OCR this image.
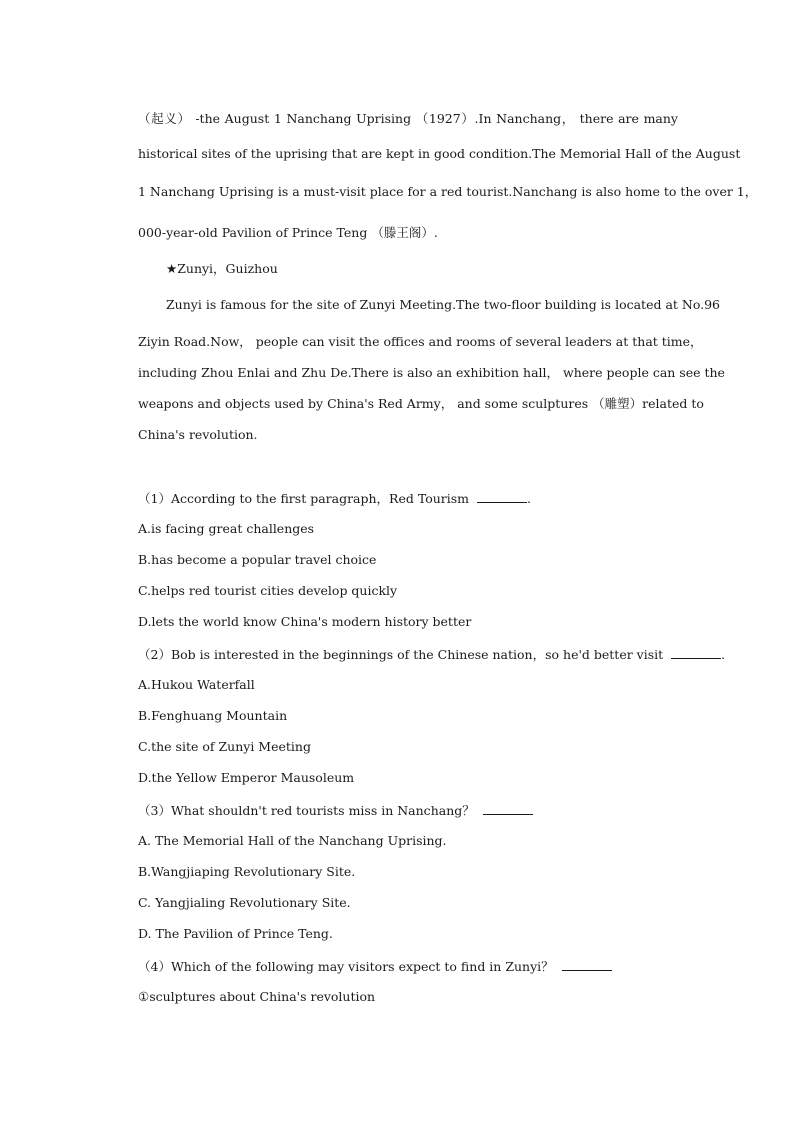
（起义） -the August 1 Nanchang Uprising （1927）.In Nanchang， there are many
historical sites of the uprising that are kept in good condition.The Memorial Hall of the August
1 Nanchang Uprising is a must-visit place for a red tourist.Nanchang is also home to the over 1，
000-year-old Pavilion of Prince Teng （滕王阁）.
★Zunyi，Guizhou
Zunyi is famous for the site of Zunyi Meeting.The two-floor building is located at No.96
Ziyin Road.Now， people can visit the offices and rooms of several leaders at that time，
including Zhou Enlai and Zhu De.There is also an exhibition hall， where people can see the
weapons and objects used by China's Red Army， and some sculptures （雕塑）related to
China's revolution.
（1）According to the first paragraph，Red Tourism	.
A.is facing great challenges
B.has become a popular travel choice
C.helps red tourist cities develop quickly
D.lets the world know China's modern history better
（2）Bob is interested in the beginnings of the Chinese nation，so he'd better visit	.
A.Hukou Waterfall
B.Fenghuang Mountain
C.the site of Zunyi Meeting
D.the Yellow Emperor Mausoleum
（3）What shouldn't red tourists miss in Nanchang？
A. The Memorial Hall of the Nanchang Uprising.
B.Wangjiaping Revolutionary Site.
C. Yangjialing Revolutionary Site.
D. The Pavilion of Prince Teng.
（4）Which of the following may visitors expect to find in Zunyi？
①sculptures about China's revolution
